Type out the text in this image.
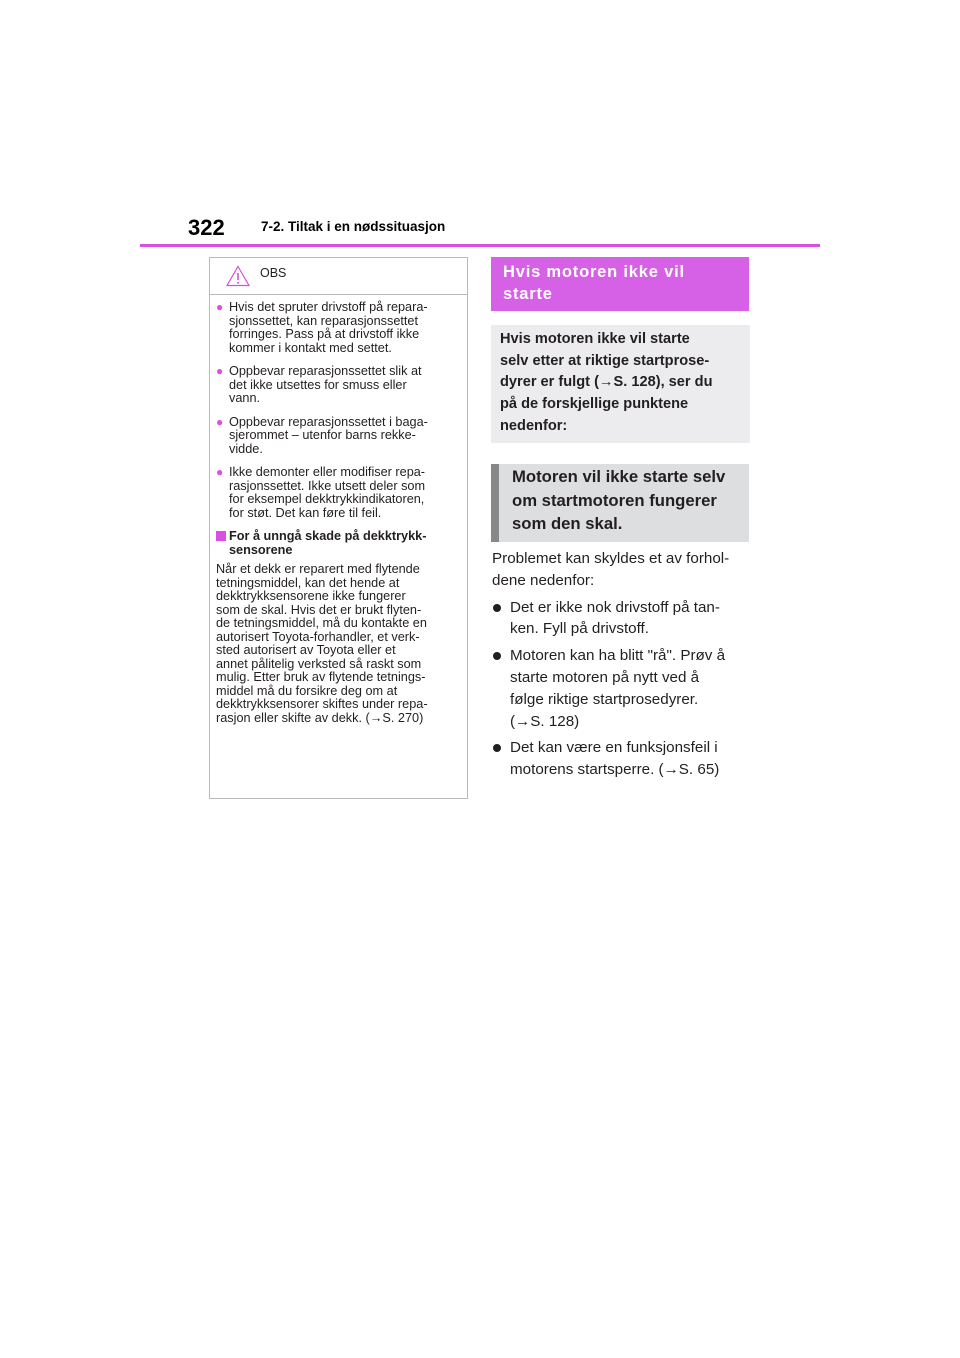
322	7-2. Tiltak i en nødssituasjon
OBS
● Hvis det spruter drivstoff på repara-
sjonssettet, kan reparasjonssettet
forringes. Pass på at drivstoff ikke
kommer i kontakt med settet.
● Oppbevar reparasjonssettet slik at
det ikke utsettes for smuss eller
vann.
● Oppbevar reparasjonssettet i baga-
sjerommet – utenfor barns rekke-
vidde.
● Ikke demonter eller modifiser repa-
rasjonssettet. Ikke utsett deler som
for eksempel dekktrykkindikatoren,
for støt. Det kan føre til feil.
For å unngå skade på dekktrykk-
sensorene

Når et dekk er reparert med flytende
tetningsmiddel, kan det hende at
dekktrykksensorene ikke fungerer
som de skal. Hvis det er brukt flyten-
de tetningsmiddel, må du kontakte en
autorisert Toyota-forhandler, et verk-
sted autorisert av Toyota eller et
annet pålitelig verksted så raskt som
mulig. Etter bruk av flytende tetnings-
middel må du forsikre deg om at
dekktrykksensorer skiftes under repa-
rasjon eller skifte av dekk. (→S. 270)

Hvis motoren ikke vil
starte
Hvis motoren ikke vil starte
selv etter at riktige startprose-
dyrer er fulgt (→S. 128), ser du
på de forskjellige punktene
nedenfor:
Motoren vil ikke starte selv
om startmotoren fungerer
som den skal.

Problemet kan skyldes et av forhol-
dene nedenfor:

Det er ikke nok drivstoff på tan-
ken. Fyll på drivstoff.
Motoren kan ha blitt "rå". Prøv å
starte motoren på nytt ved å
følge riktige startprosedyrer.
(→S. 128)
Det kan være en funksjonsfeil i
motorens startsperre. (→S. 65)
